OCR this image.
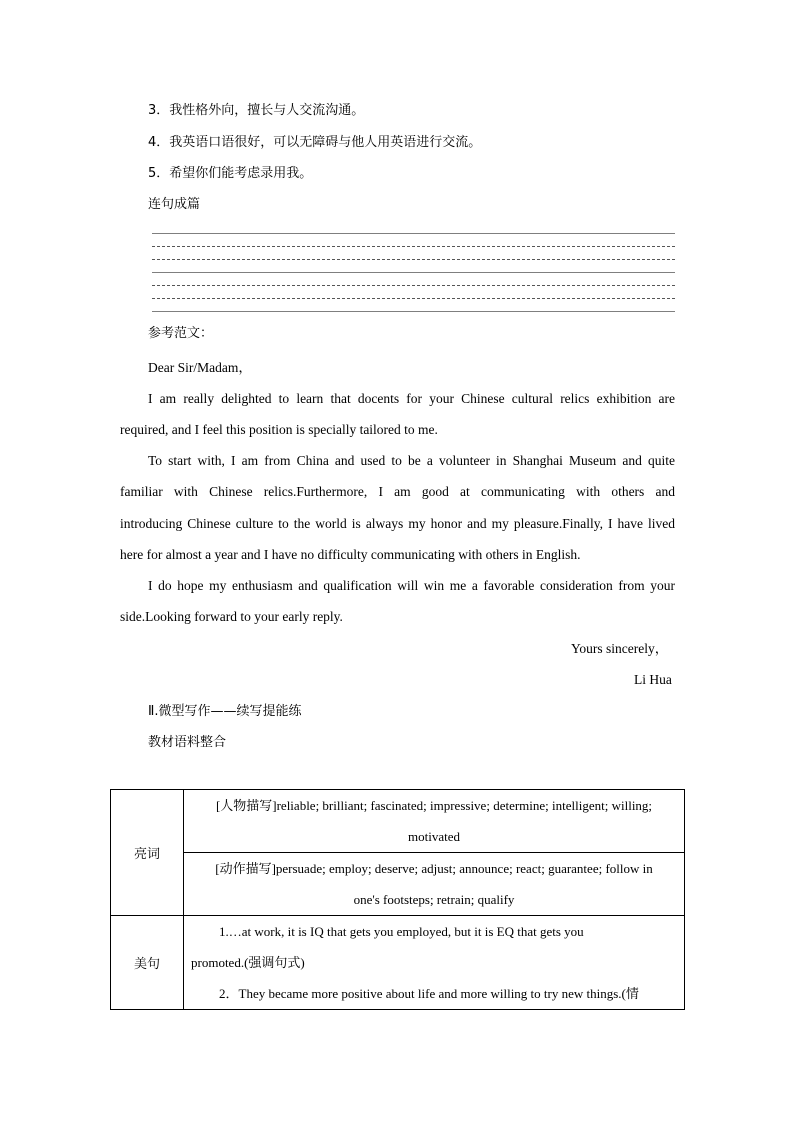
3．我性格外向，擅长与人交流沟通。
4．我英语口语很好，可以无障碍与他人用英语进行交流。
5．希望你们能考虑录用我。
连句成篇
参考范文：
Dear Sir/Madam，
I am really delighted to learn that docents for your Chinese cultural relics exhibition are
required, and I feel this position is specially tailored to me.
To start with, I am from China and used to be a volunteer in Shanghai Museum and quite
familiar with Chinese relics.Furthermore, I am good at communicating with others and
introducing Chinese culture to the world is always my honor and my pleasure.Finally, I have lived
here for almost a year and I have no difficulty communicating with others in English.
I do hope my enthusiasm and qualification will win me a favorable consideration from your
side.Looking forward to your early reply.
Yours sincerely，
Li Hua
Ⅱ.微型写作——续写提能练
教材语料整合
亮词	[人物描写]reliable; brilliant; fascinated; impressive; determine; intelligent; willing;
motivated

	[动作描写]persuade; employ; deserve; adjust; announce; react; guarantee; follow in
one's footsteps; retrain; qualify

美句	1.…at work, it is IQ that gets you employed, but it is EQ that gets you
promoted.(强调句式)
2．They became more positive about life and more willing to try new things.(情
